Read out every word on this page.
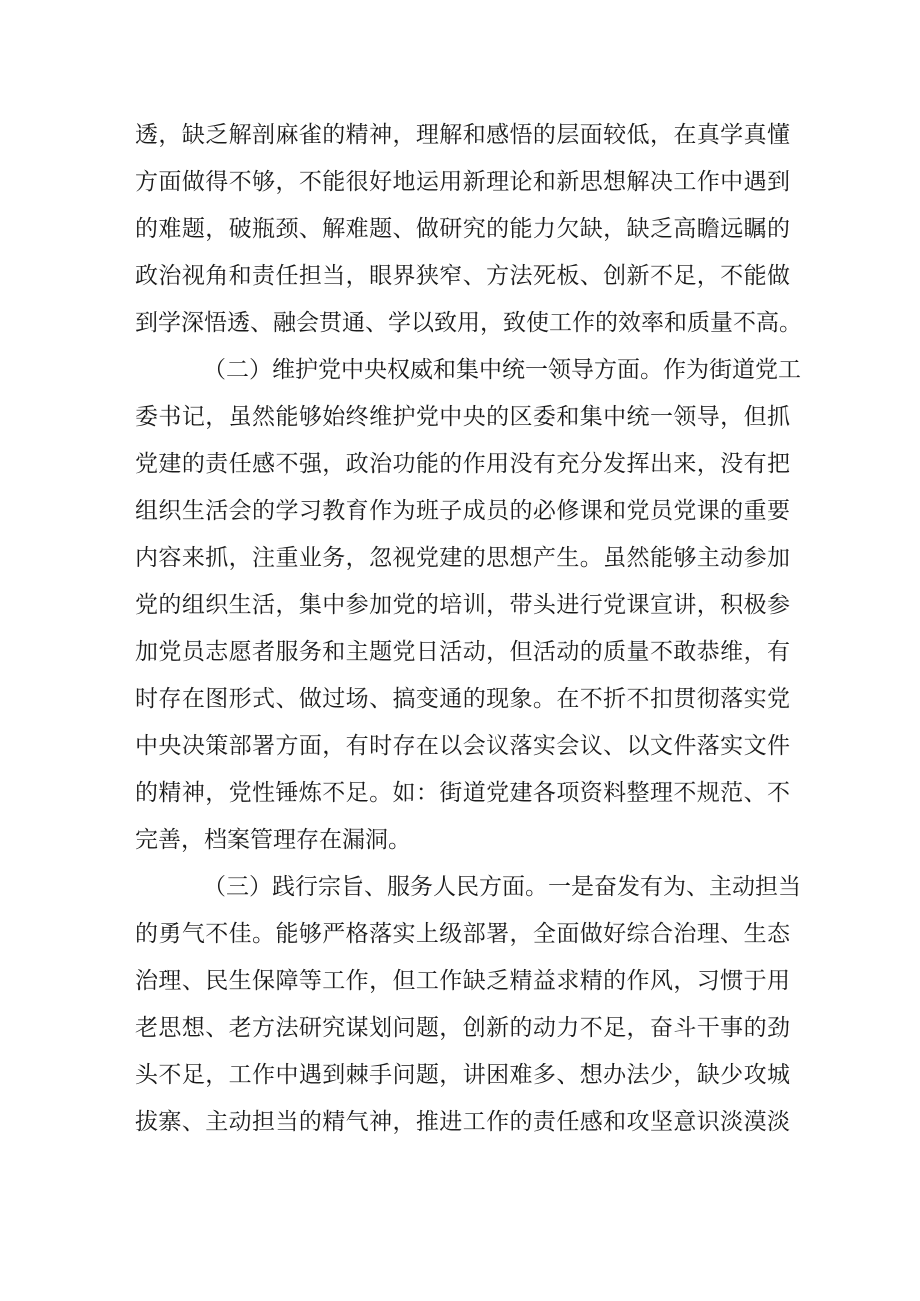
透，缺乏解剖麻雀的精神，理解和感悟的层面较低，在真学真懂
方面做得不够，不能很好地运用新理论和新思想解决工作中遇到
的难题，破瓶颈、解难题、做研究的能力欠缺，缺乏高瞻远瞩的
政治视角和责任担当，眼界狭窄、方法死板、创新不足，不能做
到学深悟透、融会贯通、学以致用，致使工作的效率和质量不高。
（二）维护党中央权威和集中统一领导方面。作为街道党工
委书记，虽然能够始终维护党中央的区委和集中统一领导，但抓
党建的责任感不强，政治功能的作用没有充分发挥出来，没有把
组织生活会的学习教育作为班子成员的必修课和党员党课的重要
内容来抓，注重业务，忽视党建的思想产生。虽然能够主动参加
党的组织生活，集中参加党的培训，带头进行党课宣讲，积极参
加党员志愿者服务和主题党日活动，但活动的质量不敢恭维，有
时存在图形式、做过场、搞变通的现象。在不折不扣贯彻落实党
中央决策部署方面，有时存在以会议落实会议、以文件落实文件
的精神，党性锤炼不足。如：街道党建各项资料整理不规范、不
完善，档案管理存在漏洞。
（三）践行宗旨、服务人民方面。一是奋发有为、主动担当
的勇气不佳。能够严格落实上级部署，全面做好综合治理、生态
治理、民生保障等工作，但工作缺乏精益求精的作风，习惯于用
老思想、老方法研究谋划问题，创新的动力不足，奋斗干事的劲
头不足，工作中遇到棘手问题，讲困难多、想办法少，缺少攻城
拔寨、主动担当的精气神，推进工作的责任感和攻坚意识淡漠淡
